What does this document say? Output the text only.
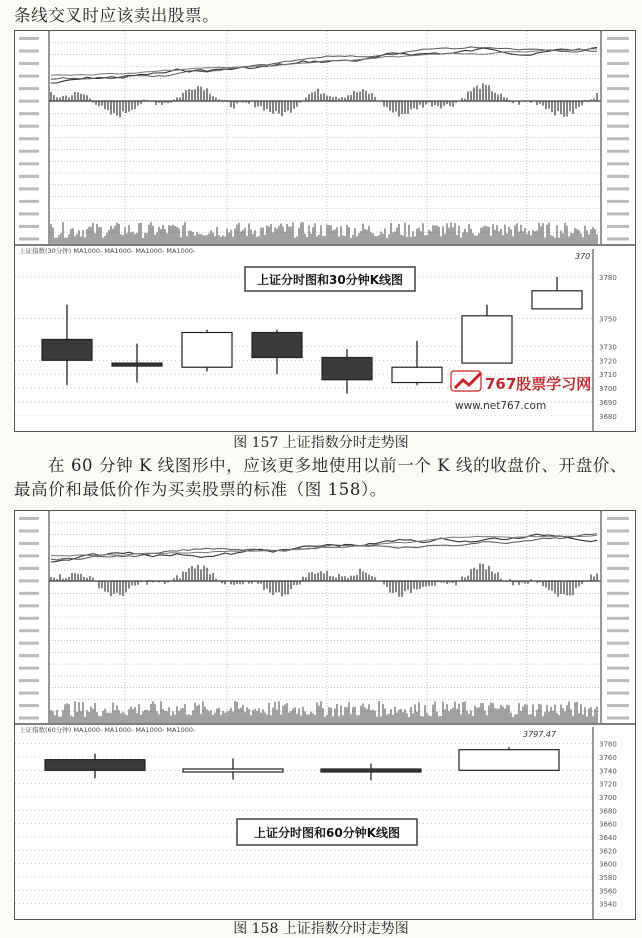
条线交叉时应该卖出股票。
上证指数(30分钟) MA1000- MA1000- MA1000- MA1000-
3780
3750
3730
3720
3710
3700
3690
3680
370
上证分时图和30分钟K线图
767股票学习网
www.net767.com
图 157 上证指数分时走势图
在 60 分钟 K 线图形中，应该更多地使用以前一个 K 线的收盘价、开盘价、最高价和最低价作为买卖股票的标准（图 158）。
上证指数(60分钟) MA1000- MA1000- MA1000- MA1000-
3780
3760
3740
3720
3700
3680
3660
3640
3620
3600
3580
3560
3540
3797.47
上证分时图和60分钟K线图
图 158 上证指数分时走势图
